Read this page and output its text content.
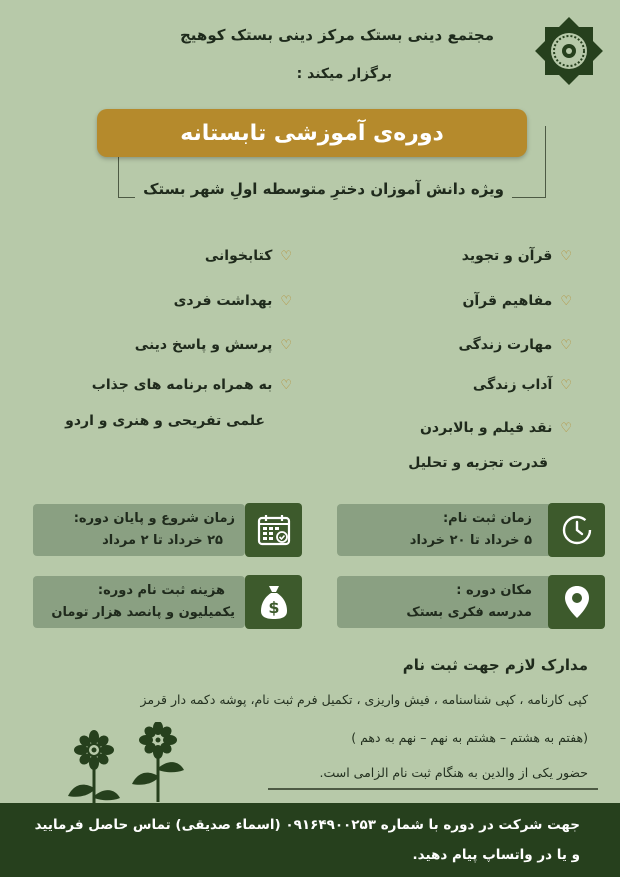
مجتمع دینی بستک مرکز دینی بستک کوهیج
برگزار میکند :
دوره‌ی آموزشی تابستانه
ویژه دانش آموزان دخترِ متوسطه اولِ شهر بستک
♡
قرآن و تجوید
♡
مفاهیم قرآن
♡
مهارت زندگی
♡
آداب زندگی
♡
نقد فیلم و بالابردن
قدرت تجزیه و تحلیل
♡
کتابخوانی
♡
بهداشت فردی
♡
پرسش و پاسخ دینی
♡
به همراه برنامه های جذاب
علمی تفریحی و هنری و اردو
زمان ثبت نام:
۵ خرداد تا ۲۰ خرداد
زمان شروع و پایان دوره:
۲۵ خرداد تا ۲ مرداد
مکان دوره :
مدرسه فکری بستک
هزینه ثبت نام دوره:
یکمیلیون و پانصد هزار تومان $
مدارک لازم جهت ثبت نام
کپی کارنامه ، کپی شناسنامه ، فیش واریزی ، تکمیل فرم ثبت نام، پوشه دکمه دار قرمز
(هفتم به هشتم – هشتم به نهم – نهم به دهم )
حضور یکی از والدین به هنگام ثبت نام الزامی است.
جهت شرکت در دوره با شماره ۰۹۱۶۴۹۰۰۲۵۳ (اسماء صدیقی) تماس حاصل فرمایید
و یا در واتساپ پیام دهید.
